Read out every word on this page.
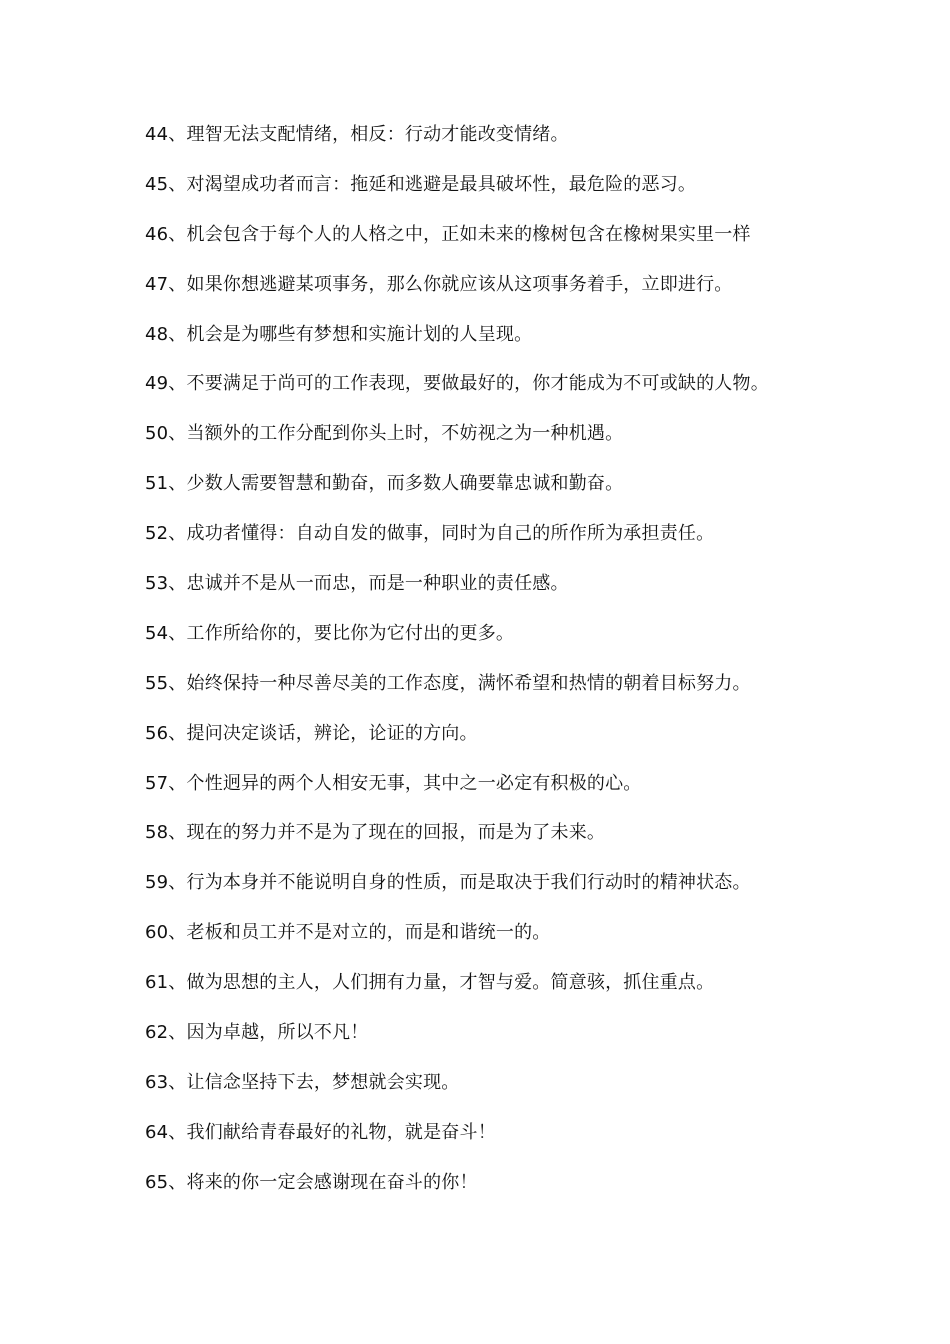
44、理智无法支配情绪，相反：行动才能改变情绪。
45、对渴望成功者而言：拖延和逃避是最具破坏性，最危险的恶习。
46、机会包含于每个人的人格之中，正如未来的橡树包含在橡树果实里一样
47、如果你想逃避某项事务，那么你就应该从这项事务着手，立即进行。
48、机会是为哪些有梦想和实施计划的人呈现。
49、不要满足于尚可的工作表现，要做最好的，你才能成为不可或缺的人物。
50、当额外的工作分配到你头上时，不妨视之为一种机遇。
51、少数人需要智慧和勤奋，而多数人确要靠忠诚和勤奋。
52、成功者懂得：自动自发的做事，同时为自己的所作所为承担责任。
53、忠诚并不是从一而忠，而是一种职业的责任感。
54、工作所给你的，要比你为它付出的更多。
55、始终保持一种尽善尽美的工作态度，满怀希望和热情的朝着目标努力。
56、提问决定谈话，辨论，论证的方向。
57、个性迥异的两个人相安无事，其中之一必定有积极的心。
58、现在的努力并不是为了现在的回报，而是为了未来。
59、行为本身并不能说明自身的性质，而是取决于我们行动时的精神状态。
60、老板和员工并不是对立的，而是和谐统一的。
61、做为思想的主人，人们拥有力量，才智与爱。简意骇，抓住重点。
62、因为卓越，所以不凡！
63、让信念坚持下去，梦想就会实现。
64、我们献给青春最好的礼物，就是奋斗！
65、将来的你一定会感谢现在奋斗的你！
